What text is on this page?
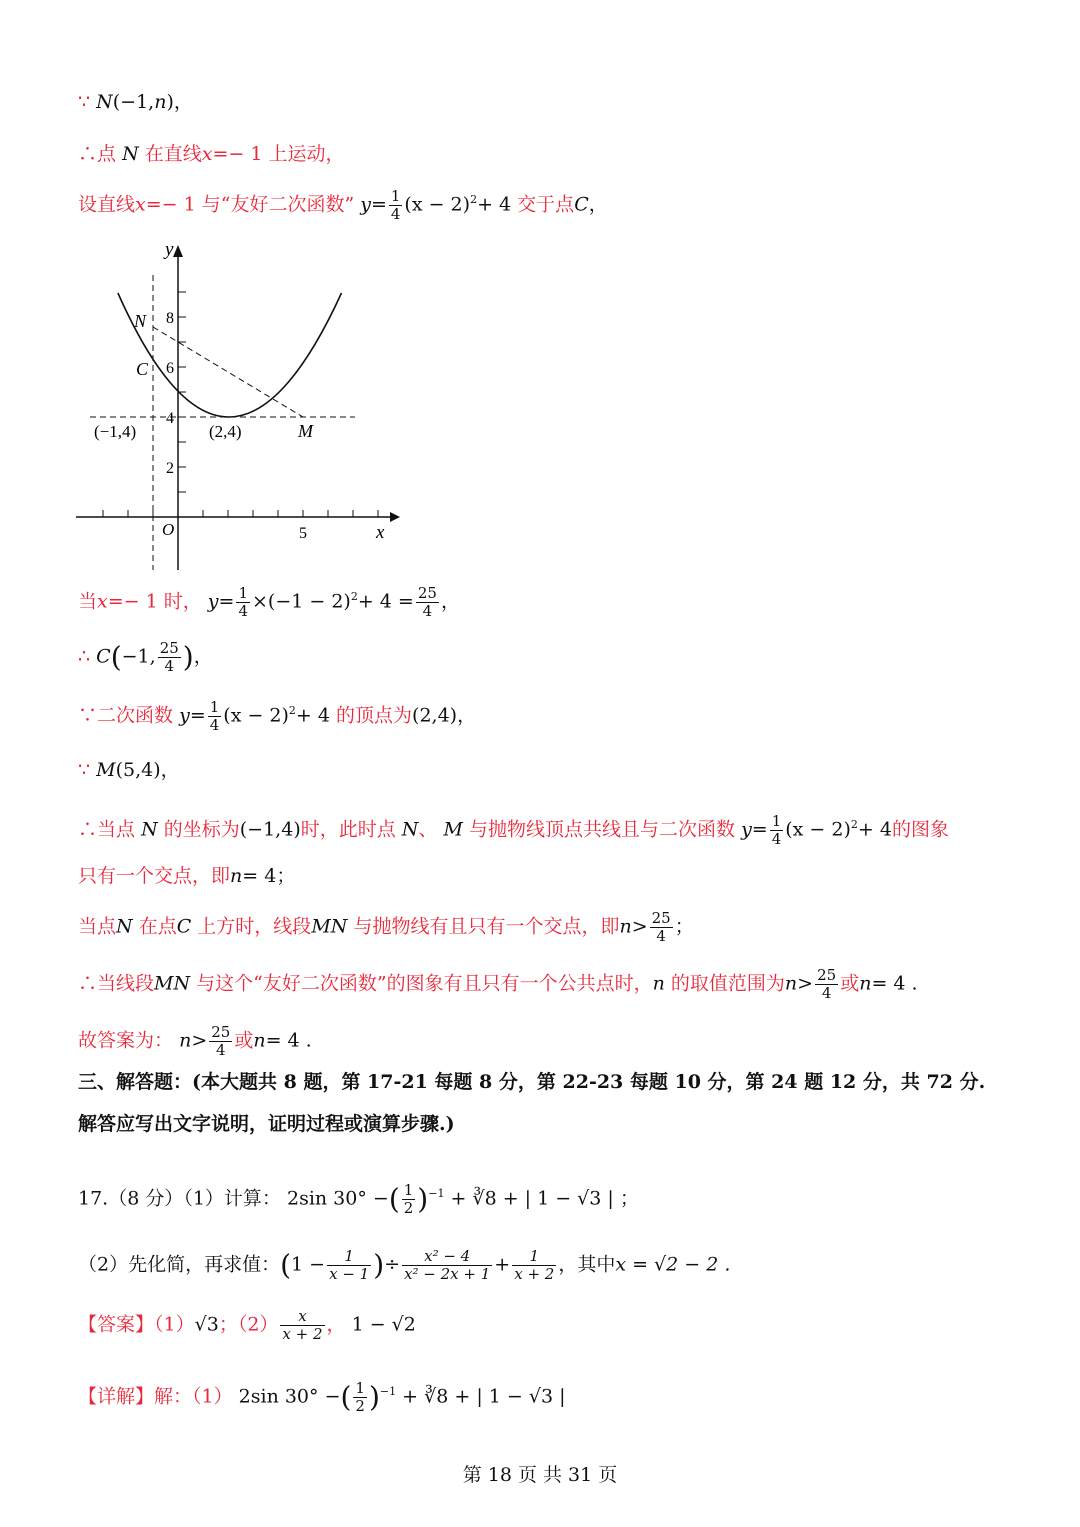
∵ N(−1,n)，
∴点 N 在直线x=− 1 上运动，
设直线x=− 1 与“友好二次函数” $y= \frac{1}{4} (x - 2)^2+ 4$ 交于点C，
y
x
O
8
6
4
2
5
N
C
M
(−1,4)	(2,4)
当x=− 1 时， $y= \frac{1}{4} \times(-1 - 2)^2+ 4 = \frac{25}{4}$ ，
∴ C(−1, $\frac{25}{4}$ )，
∵二次函数 $y= \frac{1}{4} (x - 2)^2+ 4$ 的顶点为(2,4)，
∵ M(5,4)，
∴当点 N 的坐标为(−1,4)时，此时点 N、 M 与抛物线顶点共线且与二次函数 $y= \frac{1}{4} (x - 2)^2+ 4$的图象
只有一个交点，即n= 4；
当点N 在点C 上方时，线段MN 与抛物线有且只有一个交点，即$n> \frac{25}{4}$ ；
∴当线段MN 与这个“友好二次函数”的图象有且只有一个公共点时，n 的取值范围为$n> \frac{25}{4}$ 或n= 4 .
故答案为： $n> \frac{25}{4}$ 或n= 4 .
三、解答题：(本大题共 8 题，第 17-21 每题 8 分，第 22-23 每题 10 分，第 24 题 12 分，共 72 分.
解答应写出文字说明，证明过程或演算步骤.)
17.（8 分）（1）计算： 2sin 30° −( $\frac{1}{2} )^{-1}$ + ∛8 + | 1 − √3 | ；
（2）先化简，再求值：($1 - \frac{1}{x - 1}$ )÷ $\frac{\text{x² − 4}}{\text{x² − 2x + 1}} + \frac{1}{x + 2}$ ，其中x = √2 − 2 .
【答案】（1）√3；$(2) \frac{x}{x + 2}$ ， 1 − √2
【详解】解：（1） 2sin 30° −( $\frac{1}{2} )^{-1}$ + ∛8 + | 1 − √3 |
第 18 页 共 31 页
